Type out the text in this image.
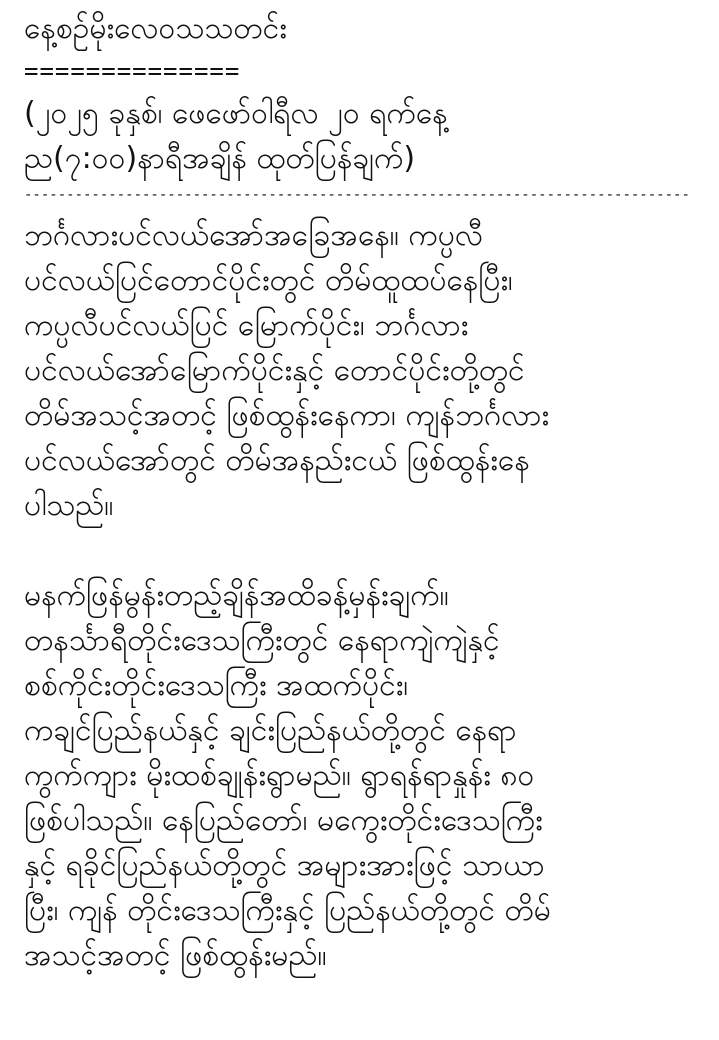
နေ့စဥ်မိုးလေဝသသတင်း
==============
(၂၀၂၅ ခုနှစ်၊ ဖေဖော်ဝါရီလ ၂၀ ရက်နေ့
ည(၇:၀၀)နာရီအချိန် ထုတ်ပြန်ချက်)
-------------------------------------------------------------------------------
ဘင်္ဂလားပင်လယ်အော်အခြေအနေ။ ကပ္ပလီ
ပင်လယ်ပြင်တောင်ပိုင်းတွင် တိမ်ထူထပ်နေပြီး၊
ကပ္ပလီပင်လယ်ပြင် မြောက်ပိုင်း၊ ဘင်္ဂလား
ပင်လယ်အော်မြောက်ပိုင်းနှင့် တောင်ပိုင်းတို့တွင်
တိမ်အသင့်အတင့် ဖြစ်ထွန်းနေကာ၊ ကျန်ဘင်္ဂလား
ပင်လယ်အော်တွင် တိမ်အနည်းငယ် ဖြစ်ထွန်းနေ
ပါသည်။
မနက်ဖြန်မွန်းတည့်ချိန်အထိခန့်မှန်းချက်။
တနင်္သာရီတိုင်းဒေသကြီးတွင် နေရာကျဲကျဲနှင့်
စစ်ကိုင်းတိုင်းဒေသကြီး အထက်ပိုင်း၊
ကချင်ပြည်နယ်နှင့် ချင်းပြည်နယ်တို့တွင် နေရာ
ကွက်ကျား မိုးထစ်ချုန်းရွာမည်။ ရွာရန်ရာနှုန်း ၈၀
ဖြစ်ပါသည်။ နေပြည်တော်၊ မကွေးတိုင်းဒေသကြီး
နှင့် ရခိုင်ပြည်နယ်တို့တွင် အများအားဖြင့် သာယာ
ပြီး၊ ကျန် တိုင်းဒေသကြီးနှင့် ပြည်နယ်တို့တွင် တိမ်
အသင့်အတင့် ဖြစ်ထွန်းမည်။
